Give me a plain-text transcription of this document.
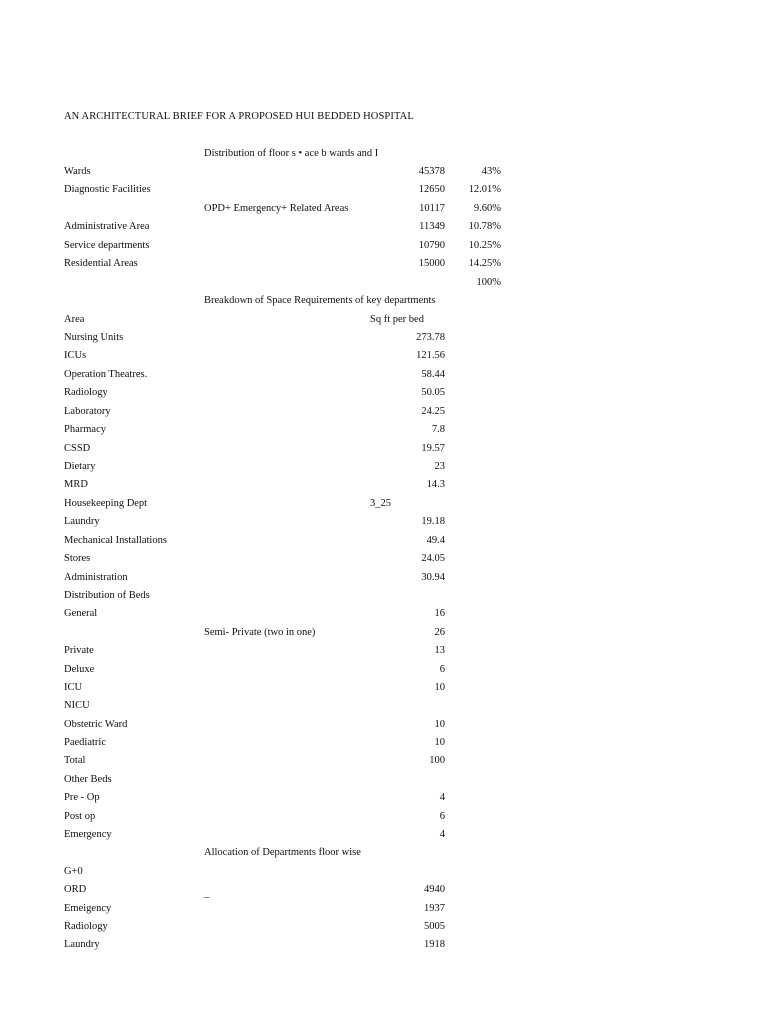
AN ARCHITECTURAL BRIEF FOR A PROPOSED HUI BEDDED HOSPITAL
Distribution of floor s • ace b wards and I
Wards	45378	43%
Diagnostic Facilities	12650 12.01%
OPD+ Emergency+ Related Areas	10117	9.60%
Administrative Area	11349 10.78%
Service departments	10790 10.25%
Residential Areas	15000 14.25%
100%
Breakdown of Space Requirements of key departments
Area	Sq ft per bed
Nursing Units	273.78
ICUs	121.56
Operation Theatres.	58.44
Radiology	50.05
Laboratory	24.25
Pharmacy	7.8
CSSD	19.57
Dietary	23
MRD	14.3
Housekeeping Dept	3_25
Laundry	19.18
Mechanical Installations	49.4
Stores	24.05
Administration	30.94
Distribution of Beds
General	16
Semi- Private (two in one)	26
Private	13
Deluxe	6
ICU	10
NICU
Obstetric Ward	10
Paediatric	10
Total	100
Other Beds
Pre - Op	4
Post op	6
Emergency	4
Allocation of Departments floor wise
G+0
ORD	_	4940
Emeigency	1937
Radiology	5005
Laundry	1918
